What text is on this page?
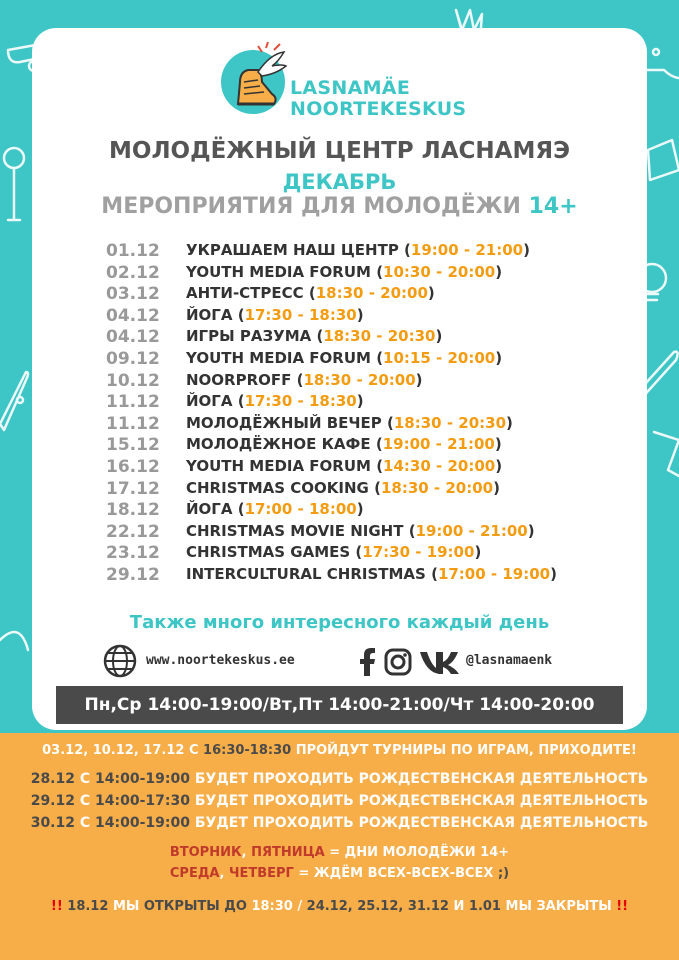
LASNAMÄE
NOORTEKESKUS
МОЛОДЁЖНЫЙ ЦЕНТР ЛАСНАМЯЭ
ДЕКАБРЬ
МЕРОПРИЯТИЯ ДЛЯ МОЛОДЁЖИ 14+
01.12	УКРАШАЕМ НАШ ЦЕНТР (19:00 - 21:00)
02.12	YOUTH MEDIA FORUM (10:30 - 20:00)
03.12	АНТИ-СТРЕСС (18:30 - 20:00)
04.12	ЙОГА (17:30 - 18:30)
04.12	ИГРЫ РАЗУМА (18:30 - 20:30)
09.12	YOUTH MEDIA FORUM (10:15 - 20:00)
10.12	NOORPROFF (18:30 - 20:00)
11.12	ЙОГА (17:30 - 18:30)
11.12	МОЛОДЁЖНЫЙ ВЕЧЕР (18:30 - 20:30)
15.12	МОЛОДЁЖНОЕ КАФЕ (19:00 - 21:00)
16.12	YOUTH MEDIA FORUM (14:30 - 20:00)
17.12	CHRISTMAS COOKING (18:30 - 20:00)
18.12	ЙОГА (17:00 - 18:00)
22.12	CHRISTMAS MOVIE NIGHT (19:00 - 21:00)
23.12	CHRISTMAS GAMES (17:30 - 19:00)
29.12	INTERCULTURAL CHRISTMAS (17:00 - 19:00)
Также много интересного каждый день
www.noortekeskus.ee	@lasnamaenk
Пн,Ср 14:00-19:00/Вт,Пт 14:00-21:00/Чт 14:00-20:00
03.12, 10.12, 17.12 С 16:30-18:30 ПРОЙДУТ ТУРНИРЫ ПО ИГРАМ, ПРИХОДИТЕ!
28.12 С 14:00-19:00 БУДЕТ ПРОХОДИТЬ РОЖДЕСТВЕНСКАЯ ДЕЯТЕЛЬНОСТЬ
29.12 С 14:00-17:30 БУДЕТ ПРОХОДИТЬ РОЖДЕСТВЕНСКАЯ ДЕЯТЕЛЬНОСТЬ
30.12 С 14:00-19:00 БУДЕТ ПРОХОДИТЬ РОЖДЕСТВЕНСКАЯ ДЕЯТЕЛЬНОСТЬ
ВТОРНИК, ПЯТНИЦА = ДНИ МОЛОДЁЖИ 14+
СРЕДА, ЧЕТВЕРГ = ЖДЁМ ВСЕХ-ВСЕХ-ВСЕХ ;)
!! 18.12 МЫ ОТКРЫТЫ ДО 18:30 / 24.12, 25.12, 31.12 И 1.01 МЫ ЗАКРЫТЫ !!
